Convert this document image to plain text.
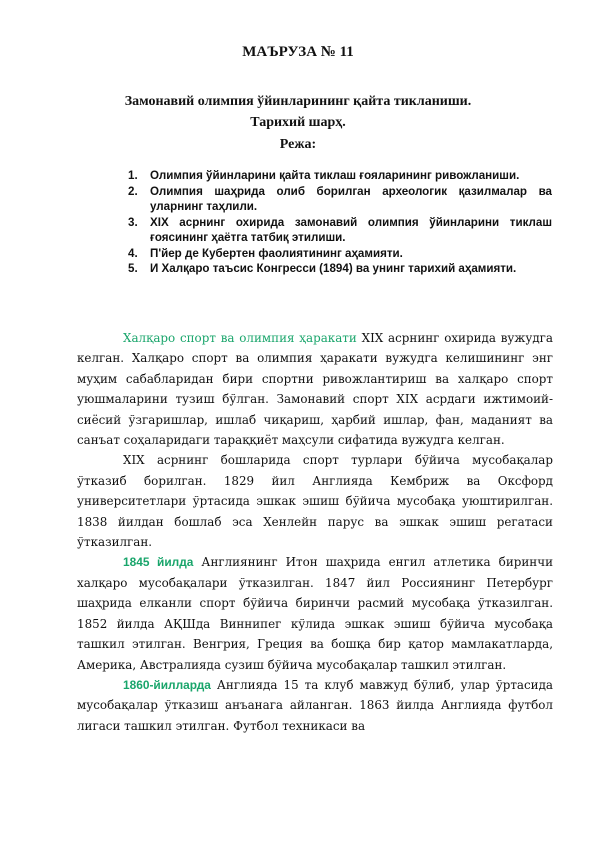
МАЪРУЗА № 11
Замонавий олимпия ўйинларининг қайта тикланиши.
Тарихий шарҳ.
Режа:
1. Олимпия ўйинларини қайта тиклаш ғояларининг ривожланиши.
2. Олимпия шаҳрида олиб борилган археологик қазилмалар ва уларнинг таҳлили.
3. XIX асрнинг охирида замонавий олимпия ўйинларини тиклаш ғоясининг ҳаётга татбиқ этилиши.
4. П'йер де Кубертен фаолиятининг аҳамияти.
5. И Халқаро таъсис Конгресси (1894) ва унинг тарихий аҳамияти.

Халқаро спорт ва олимпия ҳаракати XIX асрнинг охирида вужудга келган. Халқаро спорт ва олимпия ҳаракати вужудга келишининг энг муҳим сабабларидан бири спортни ривожлантириш ва халқаро спорт уюшмаларини тузиш бўлган. Замонавий спорт XIX асрдаги ижтимоий-сиёсий ўзгаришлар, ишлаб чиқариш, ҳарбий ишлар, фан, маданият ва санъат соҳаларидаги тараққиёт маҳсули сифатида вужудга келган.

XIX асрнинг бошларида спорт турлари бўйича мусобақалар ўтказиб борилган. 1829 йил Англияда Кембриж ва Оксфорд университетлари ўртасида эшкак эшиш бўйича мусобақа уюштирилган. 1838 йилдан бошлаб эса Хенлейн парус ва эшкак эшиш регатаси ўтказилган.

1845 йилда Англиянинг Итон шаҳрида енгил атлетика биринчи халқаро мусобақалари ўтказилган. 1847 йил Россиянинг Петербург шаҳрида елканли спорт бўйича биринчи расмий мусобақа ўтказилган. 1852 йилда АҚШда Виннипег кўлида эшкак эшиш бўйича мусобақа ташкил этилган. Венгрия, Греция ва бошқа бир қатор мамлакатларда, Америка, Австралияда сузиш бўйича мусобақалар ташкил этилган.

1860-йилларда Англияда 15 та клуб мавжуд бўлиб, улар ўртасида мусобақалар ўтказиш анъанага айланган. 1863 йилда Англияда футбол лигаси ташкил этилган. Футбол техникаси ва
